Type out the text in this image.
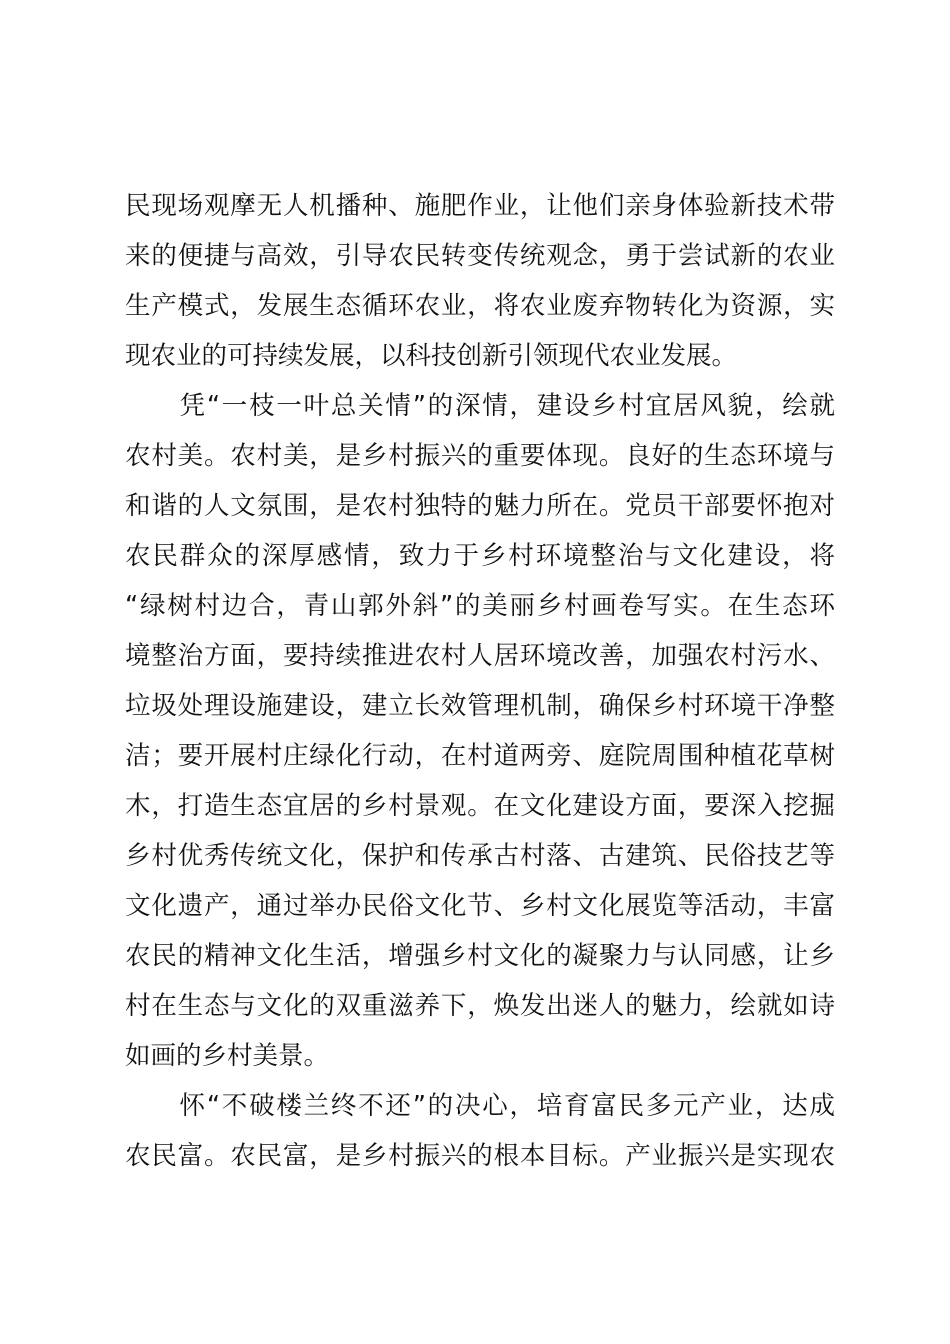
民现场观摩无人机播种、施肥作业，让他们亲身体验新技术带
来的便捷与高效，引导农民转变传统观念，勇于尝试新的农业
生产模式，发展生态循环农业，将农业废弃物转化为资源，实
现农业的可持续发展，以科技创新引领现代农业发展。
　　凭“一枝一叶总关情”的深情，建设乡村宜居风貌，绘就
农村美。农村美，是乡村振兴的重要体现。良好的生态环境与
和谐的人文氛围，是农村独特的魅力所在。党员干部要怀抱对
农民群众的深厚感情，致力于乡村环境整治与文化建设，将
“绿树村边合，青山郭外斜”的美丽乡村画卷写实。在生态环
境整治方面，要持续推进农村人居环境改善，加强农村污水、
垃圾处理设施建设，建立长效管理机制，确保乡村环境干净整
洁；要开展村庄绿化行动，在村道两旁、庭院周围种植花草树
木，打造生态宜居的乡村景观。在文化建设方面，要深入挖掘
乡村优秀传统文化，保护和传承古村落、古建筑、民俗技艺等
文化遗产，通过举办民俗文化节、乡村文化展览等活动，丰富
农民的精神文化生活，增强乡村文化的凝聚力与认同感，让乡
村在生态与文化的双重滋养下，焕发出迷人的魅力，绘就如诗
如画的乡村美景。
　　怀“不破楼兰终不还”的决心，培育富民多元产业，达成
农民富。农民富，是乡村振兴的根本目标。产业振兴是实现农
